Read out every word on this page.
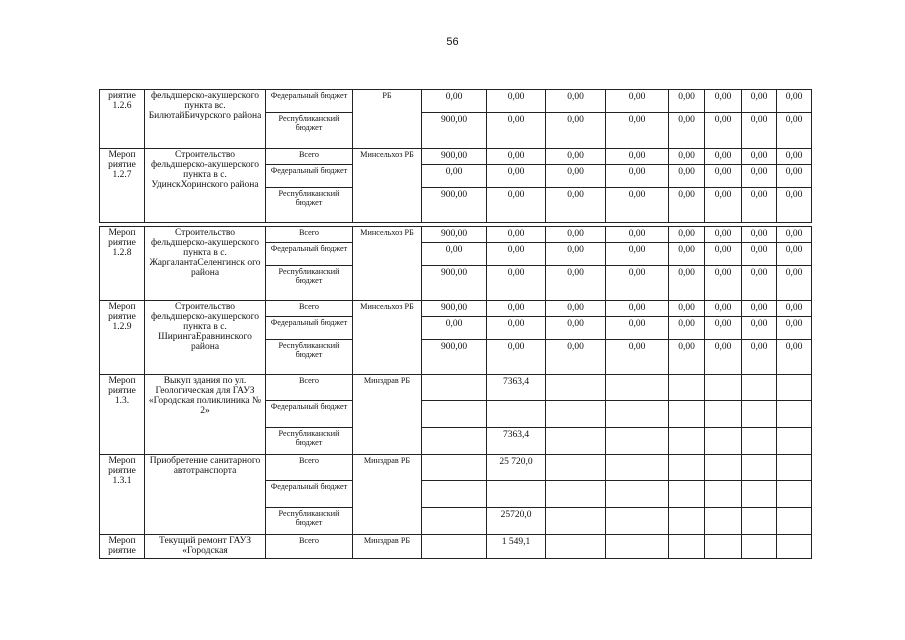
56
риятие 1.2.6	фельдшерско-акушерского пункта вс. БилютайБичурского района	Федеральный бюджет	РБ	0,00	0,00	0,00	0,00	0,00	0,00	0,00	0,00
		Республиканский бюджет		900,00	0,00	0,00	0,00	0,00	0,00	0,00	0,00
Мероп риятие 1.2.7	Строительство фельдшерско-акушерского пункта в с. УдинскХоринского района	Всего	Минсельхоз РБ	900,00	0,00	0,00	0,00	0,00	0,00	0,00	0,00
		Федеральный бюджет		0,00	0,00	0,00	0,00	0,00	0,00	0,00	0,00
		Республиканский бюджет		900,00	0,00	0,00	0,00	0,00	0,00	0,00	0,00

Мероп риятие 1.2.8	Строительство фельдшерско-акушерского пункта в с. ЖаргалантаСеленгинск ого района	Всего	Минсельхоз РБ	900,00	0,00	0,00	0,00	0,00	0,00	0,00	0,00
		Федеральный бюджет		0,00	0,00	0,00	0,00	0,00	0,00	0,00	0,00
		Республиканский бюджет		900,00	0,00	0,00	0,00	0,00	0,00	0,00	0,00
Мероп риятие 1.2.9	Строительство фельдшерско-акушерского пункта в с. ШирингаЕравнинского района	Всего	Минсельхоз РБ	900,00	0,00	0,00	0,00	0,00	0,00	0,00	0,00
		Федеральный бюджет		0,00	0,00	0,00	0,00	0,00	0,00	0,00	0,00
		Республиканский бюджет		900,00	0,00	0,00	0,00	0,00	0,00	0,00	0,00
Мероп риятие 1.3.	Выкуп здания по ул. Геологическая для ГАУЗ «Городская поликлиника № 2»	Всего	Минздрав РБ		7363,4						
		Федеральный бюджет									
		Республиканский бюджет			7363,4						
Мероп риятие 1.3.1	Приобретение санитарного автотранспорта	Всего	Минздрав РБ		25 720,0						
		Федеральный бюджет									
		Республиканский бюджет			25720,0						
Мероп риятие	Текущий ремонт ГАУЗ «Городская	Всего	Минздрав РБ		1 549,1						
